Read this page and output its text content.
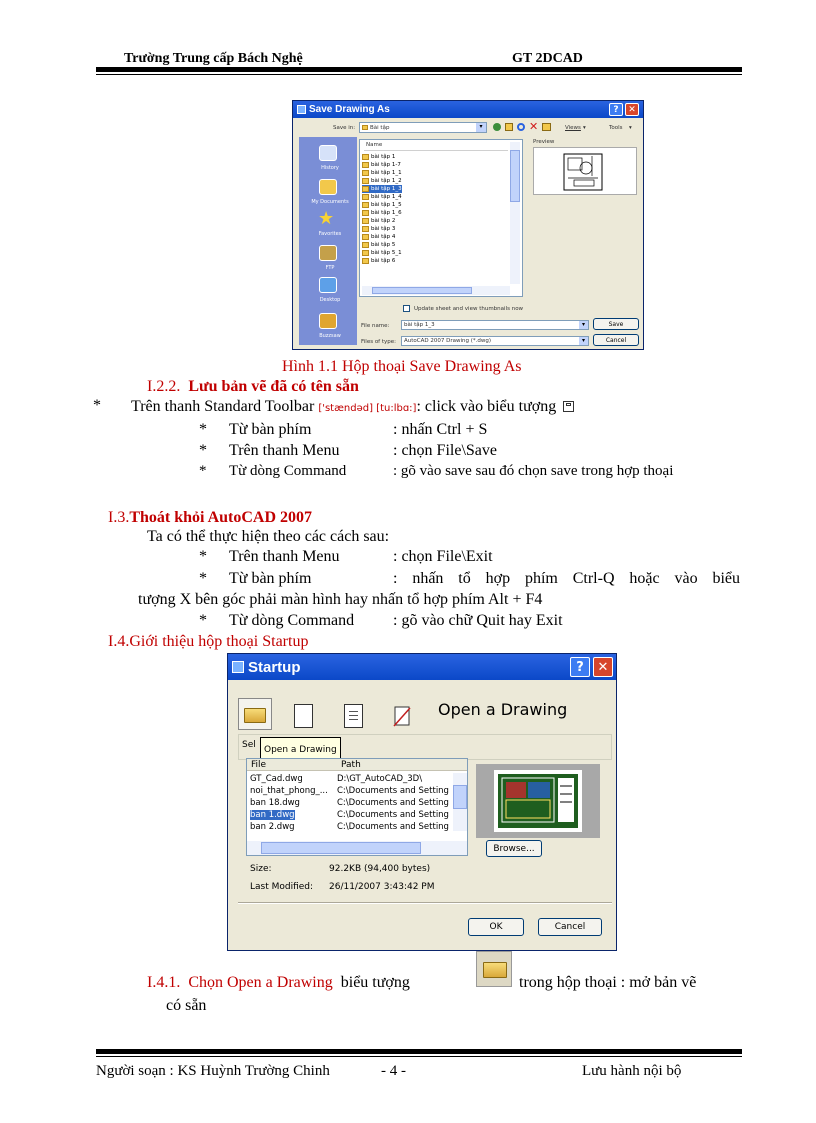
Trường Trung cấp Bách Nghệ	GT 2DCAD
Save Drawing As	?	✕
Save in:	Bài tập	▾	✕	Views ▾	Tools ▾
History
My Documents
★
Favorites
FTP
Desktop
Buzzsaw
Name
bài tập 1
bài tập 1-7
bài tập 1_1
bài tập 1_2
bài tập 1_3
bài tập 1_4
bài tập 1_5
bài tập 1_6
bài tập 2
bài tập 3
bài tập 4
bài tập 5
bài tập 5_1
bài tập 6
Preview
Update sheet and view thumbnails now
File name:	bài tập 1_3	▾	Save
Files of type: AutoCAD 2007 Drawing (*.dwg)	▾	Cancel
Hình 1.1 Hộp thoại Save Drawing As
I.2.2. Lưu bản vẽ đã có tên sẵn
* Trên thanh Standard Toolbar ['stændəd] [tu:lbɑ:]: click vào biểu tượng
* Từ bàn phím	: nhấn Ctrl + S
* Trên thanh Menu	: chọn File\Save
* Từ dòng Command	: gõ vào save sau đó chọn save trong hợp thoại
I.3.Thoát khỏi AutoCAD 2007
Ta có thể thực hiện theo các cách sau:
* Trên thanh Menu	: chọn File\Exit
* Từ bàn phím	: nhấn tổ hợp phím Ctrl-Q hoặc vào biểu
tượng X bên góc phải màn hình hay nhấn tổ hợp phím Alt + F4
* Từ dòng Command : gõ vào chữ Quit hay Exit
I.4.Giới thiệu hộp thoại Startup
Startup	?	✕
Open a Drawing
Sel Open a Drawing
File	Path
GT_Cad.dwg	D:\GT_AutoCAD_3D\
noi_that_phong_...	C:\Documents and Setting
ban 18.dwg	C:\Documents and Setting
ban 1.dwg	C:\Documents and Setting
ban 2.dwg	C:\Documents and Setting
Browse...
Size:	92.2KB (94,400 bytes)
Last Modified: 26/11/2007 3:43:42 PM
OK	Cancel
I.4.1. Chọn Open a Drawing biểu tượng	trong hộp thoại : mở bản vẽ
có sẵn
Người soạn : KS Huỳnh Trường Chinh	- 4 -	Lưu hành nội bộ
